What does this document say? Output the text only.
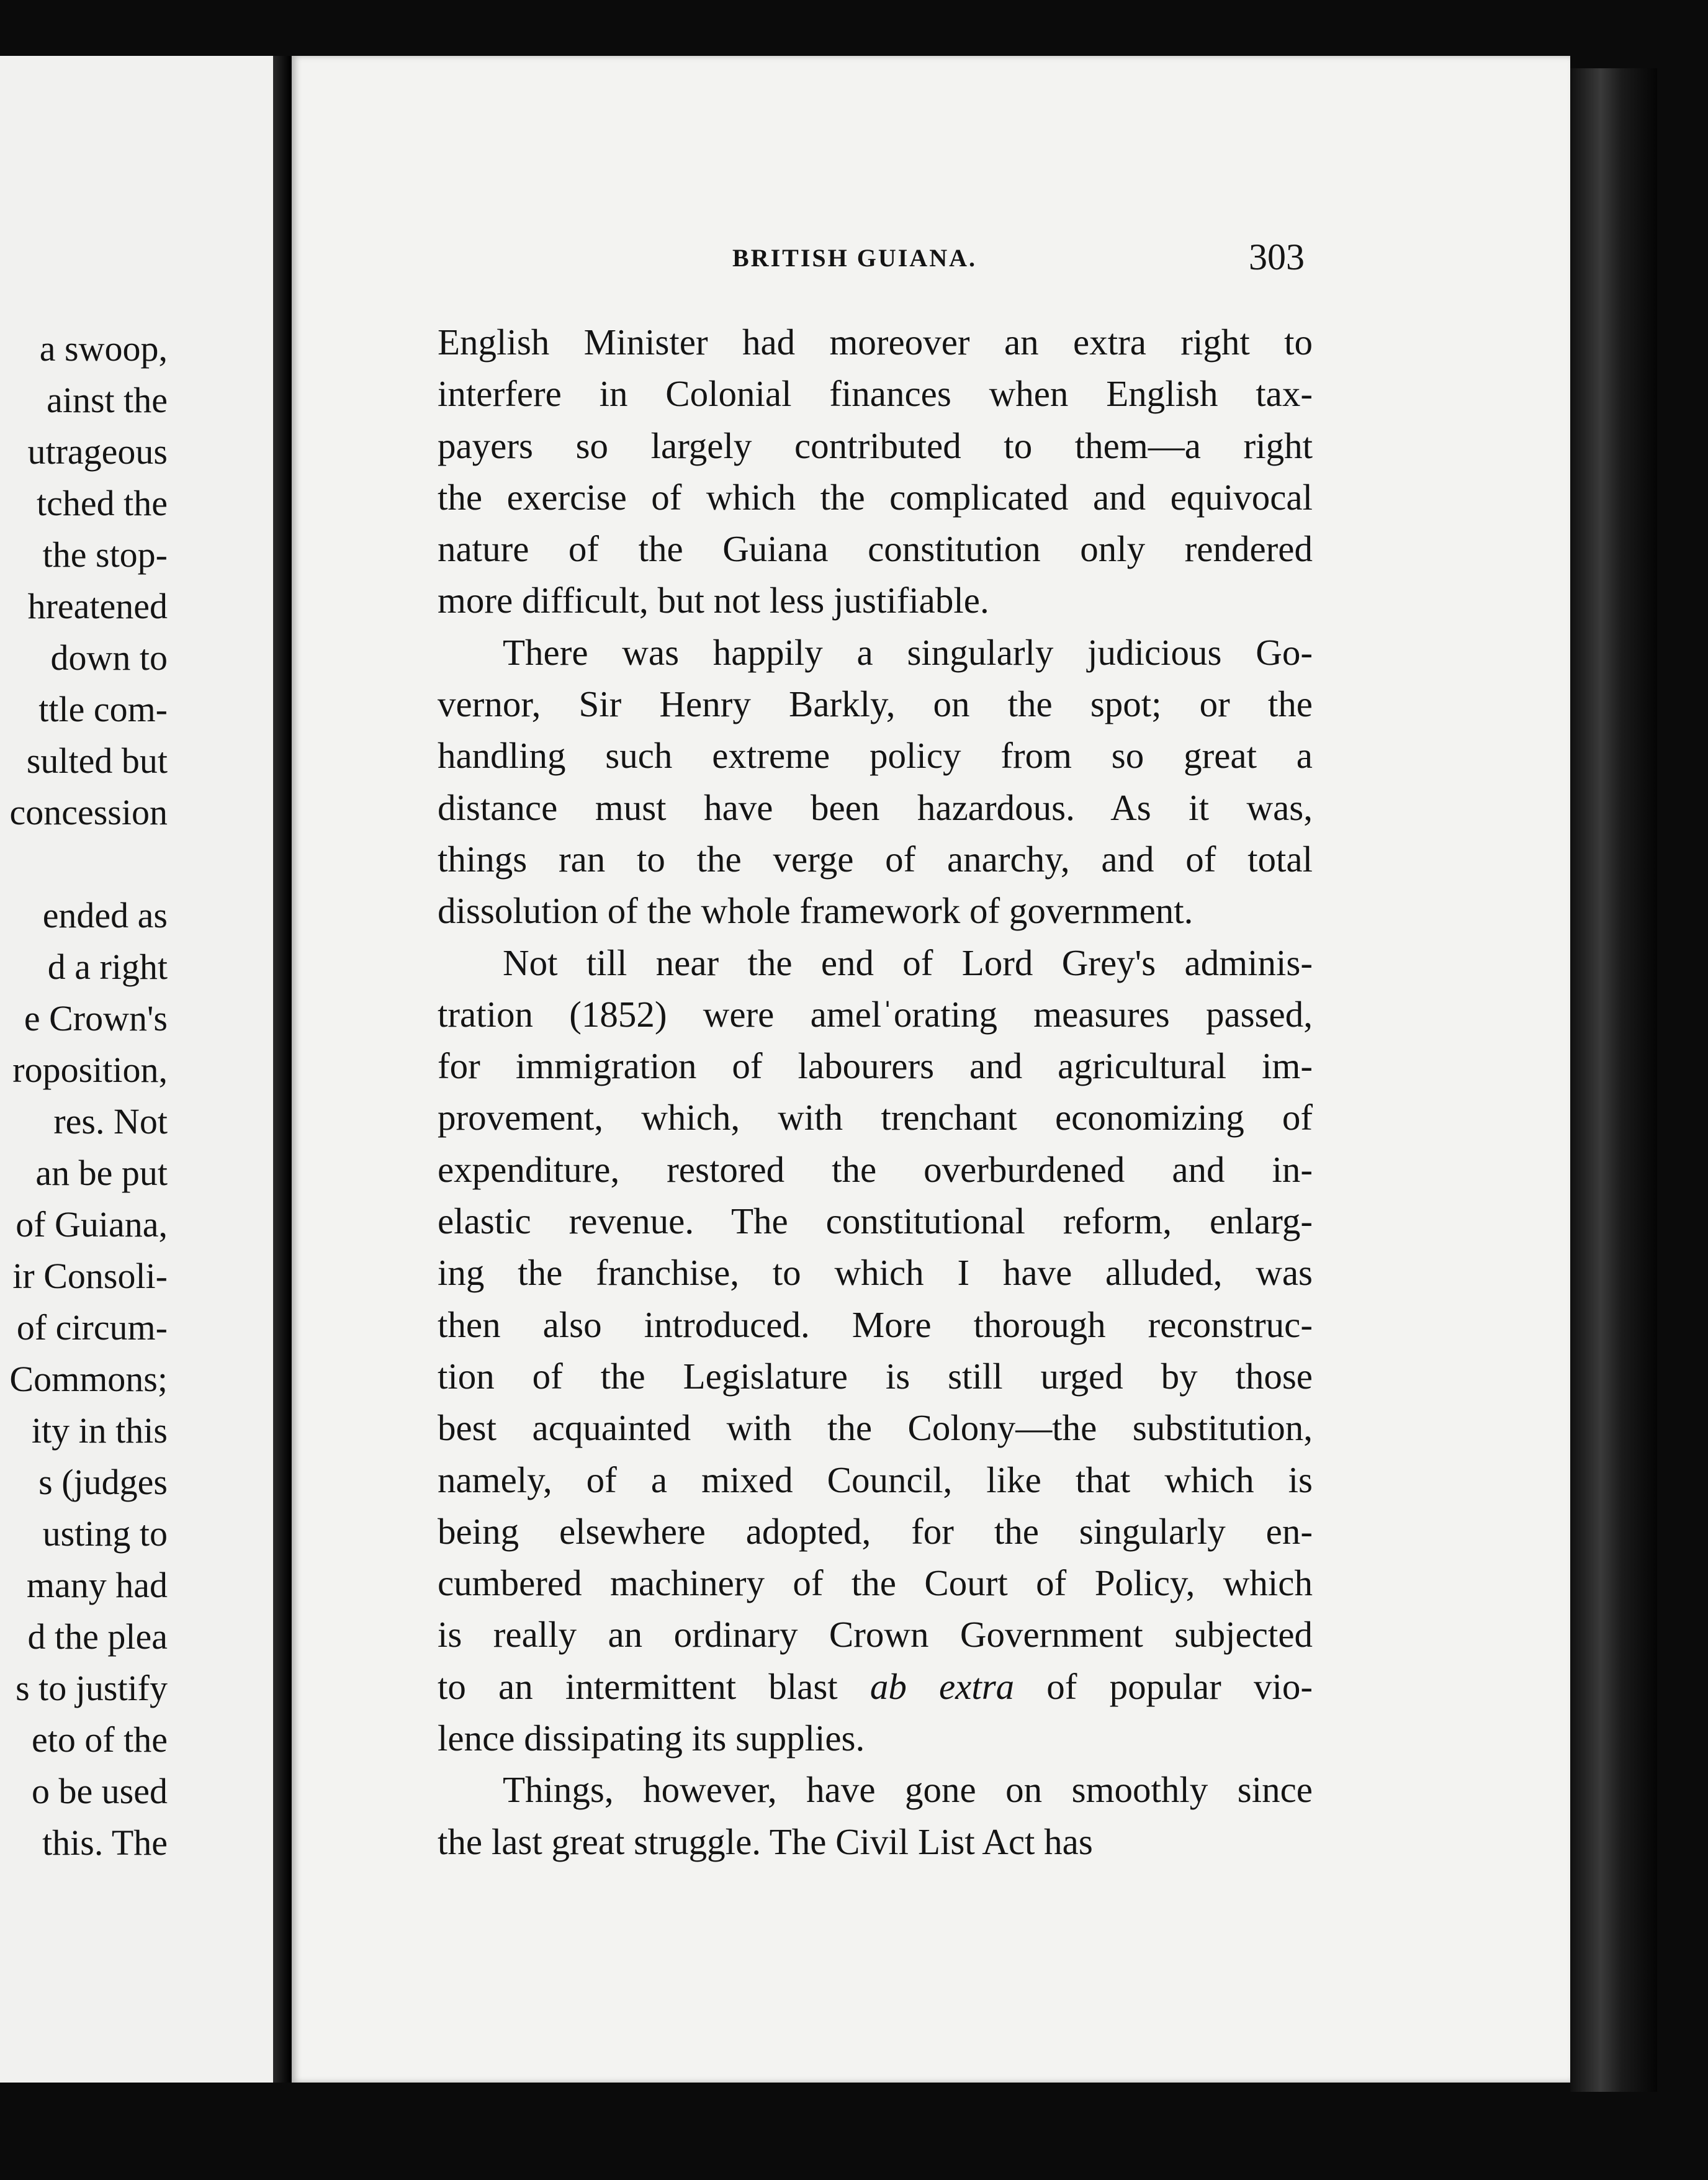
a swoop,
ainst the
utrageous
tched the
the stop-
hreatened
down to
ttle com-
sulted but
concession
ended as
d a right
e Crown's
roposition,
res. Not
an be put
of Guiana,
ir Consoli-
of circum-
Commons;
ity in this
s (judges
usting to
many had
d the plea
s to justify
eto of the
o be used
this. The
BRITISH GUIANA.	303
English Minister had moreover an extra right to
interfere in Colonial finances when English tax-
payers so largely contributed to them—a right
the exercise of which the complicated and equivocal
nature of the Guiana constitution only rendered
more difficult, but not less justifiable.
There was happily a singularly judicious Go-
vernor, Sir Henry Barkly, on the spot; or the
handling such extreme policy from so great a
distance must have been hazardous. As it was,
things ran to the verge of anarchy, and of total
dissolution of the whole framework of government.
Not till near the end of Lord Grey's adminis-
tration (1852) were amelˈorating measures passed,
for immigration of labourers and agricultural im-
provement, which, with trenchant economizing of
expenditure, restored the overburdened and in-
elastic revenue. The constitutional reform, enlarg-
ing the franchise, to which I have alluded, was
then also introduced. More thorough reconstruc-
tion of the Legislature is still urged by those
best acquainted with the Colony—the substitution,
namely, of a mixed Council, like that which is
being elsewhere adopted, for the singularly en-
cumbered machinery of the Court of Policy, which
is really an ordinary Crown Government subjected
to an intermittent blast ab extra of popular vio-
lence dissipating its supplies.
Things, however, have gone on smoothly since
the last great struggle. The Civil List Act has
